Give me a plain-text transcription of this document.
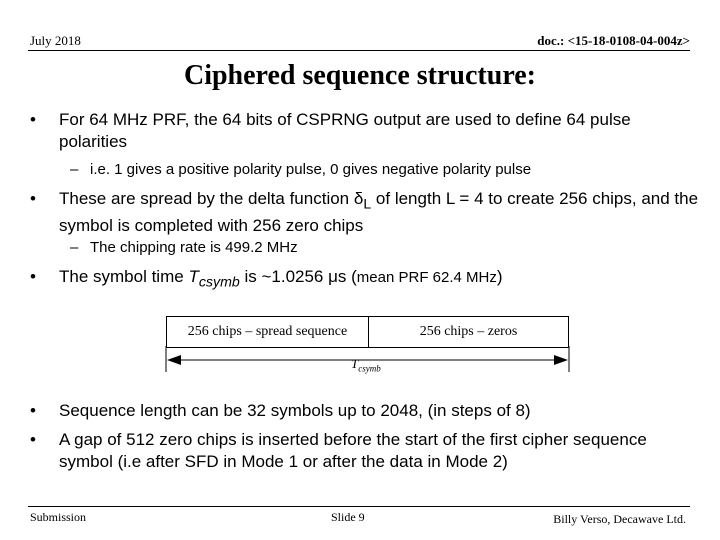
July 2018	doc.: <15-18-0108-04-004z>
Ciphered sequence structure:
• For 64 MHz PRF, the 64 bits of CSPRNG output are used to define 64 pulse polarities
– i.e. 1 gives a positive polarity pulse, 0 gives negative polarity pulse
• These are spread by the delta function $\delta_L$ of length L = 4 to create 256 chips, and the symbol is completed with 256 zero chips
– The chipping rate is 499.2 MHz
• The symbol time $T_{csymb}$ is ~1.0256 μs (mean PRF 62.4 MHz)
256 chips – spread sequence	256 chips – zeros
$T_{csymb}$
• Sequence length can be 32 symbols up to 2048, (in steps of 8)
• A gap of 512 zero chips is inserted before the start of the first cipher sequence symbol (i.e after SFD in Mode 1 or after the data in Mode 2)
Submission	Slide 9	Billy Verso, Decawave Ltd.
